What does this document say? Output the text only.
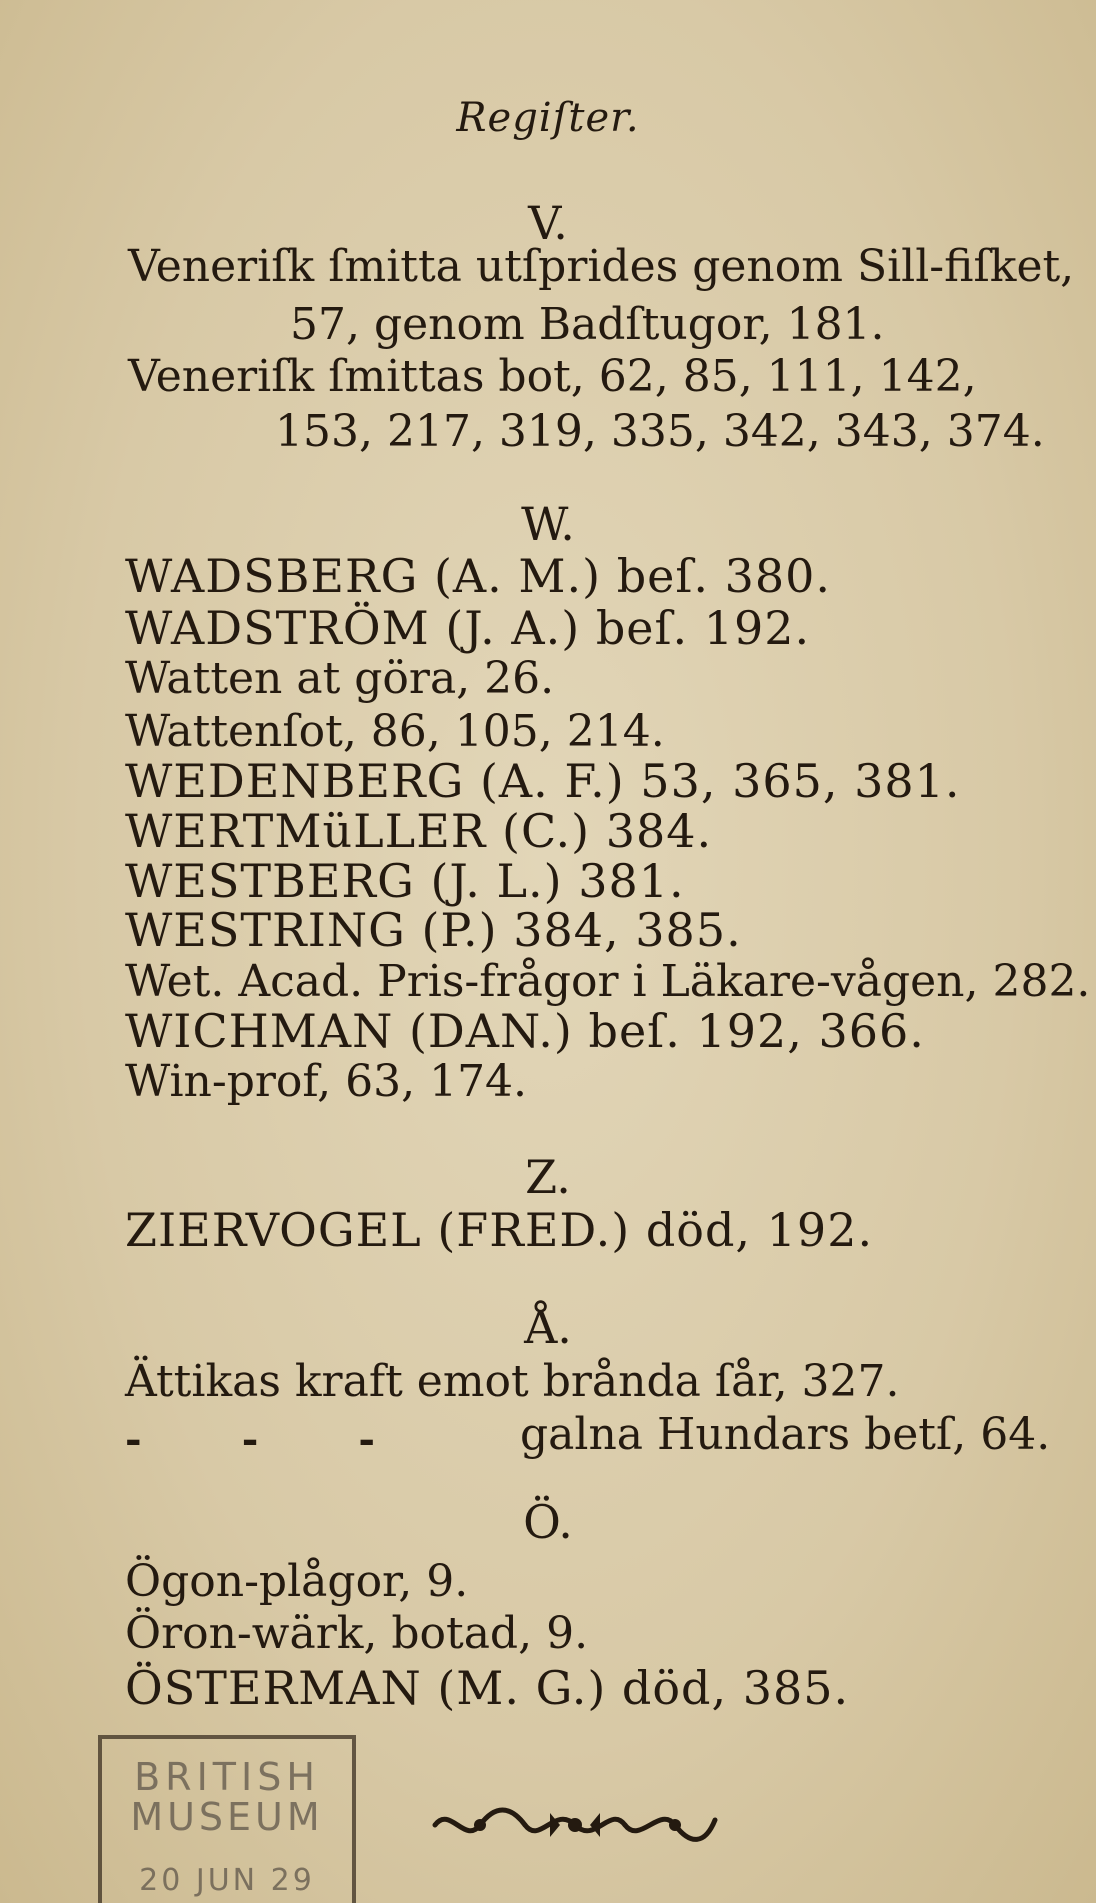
Regiſter.
V.
Veneriſk ſmitta utſprides genom Sill-fiſket,
57, genom Badſtugor, 181.
Veneriſk ſmittas bot, 62, 85, 111, 142,
153, 217, 319, 335, 342, 343, 374.
W.
WADSBERG (A. M.) beſ. 380.
WADSTRÖM (J. A.) beſ. 192.
Watten at göra, 26.
Wattenſot, 86, 105, 214.
WEDENBERG (A. F.) 53, 365, 381.
WERTMüLLER (C.) 384.
WESTBERG (J. L.) 381.
WESTRING (P.) 384, 385.
Wet. Acad. Pris-frågor i Läkare-vågen, 282.
WICHMAN (DAN.) beſ. 192, 366.
Win-prof, 63, 174.
Z.
ZIERVOGEL (FRED.) död, 192.
Å.
Ättikas kraft emot brånda ſår, 327.
-	-	-	galna Hundars betſ, 64.
Ö.
Ögon-plågor, 9.
Öron-wärk, botad, 9.
ÖSTERMAN (M. G.) död, 385.
BRITISH
MUSEUM
20 JUN 29
